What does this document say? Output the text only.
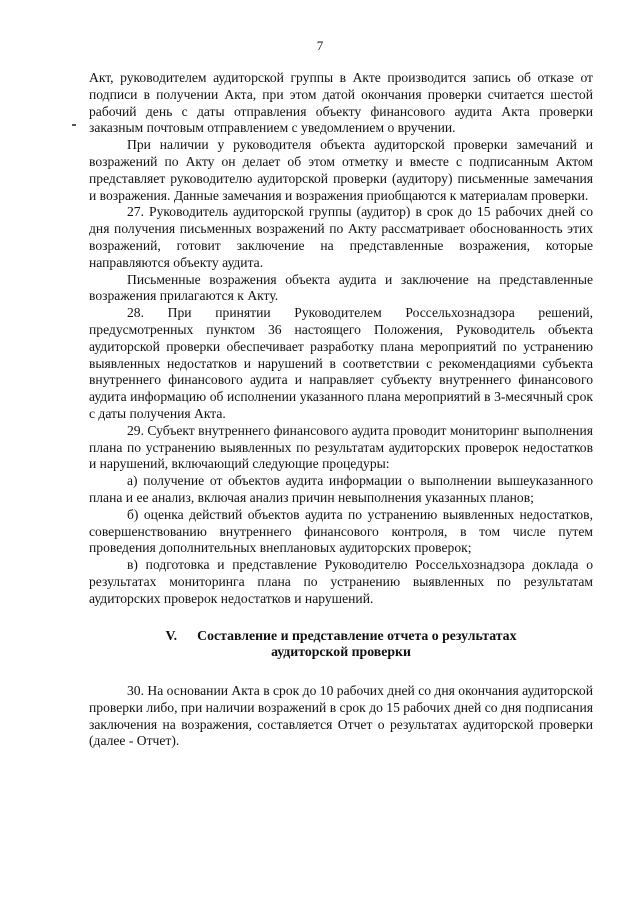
7

Акт, руководителем аудиторской группы в Акте производится запись об отказе от подписи в получении Акта, при этом датой окончания проверки считается шестой рабочий день с даты отправления объекту финансового аудита Акта проверки заказным почтовым отправлением с уведомлением о вручении.

При наличии у руководителя объекта аудиторской проверки замечаний и возражений по Акту он делает об этом отметку и вместе с подписанным Актом представляет руководителю аудиторской проверки (аудитору) письменные замечания и возражения. Данные замечания и возражения приобщаются к материалам проверки.

27. Руководитель аудиторской группы (аудитор) в срок до 15 рабочих дней со дня получения письменных возражений по Акту рассматривает обоснованность этих возражений, готовит заключение на представленные возражения, которые направляются объекту аудита.

Письменные возражения объекта аудита и заключение на представленные возражения прилагаются к Акту.

28. При принятии Руководителем Россельхознадзора решений, предусмотренных пунктом 36 настоящего Положения, Руководитель объекта аудиторской проверки обеспечивает разработку плана мероприятий по устранению выявленных недостатков и нарушений в соответствии с рекомендациями субъекта внутреннего финансового аудита и направляет субъекту внутреннего финансового аудита информацию об исполнении указанного плана мероприятий в 3-месячный срок с даты получения Акта.

29. Субъект внутреннего финансового аудита проводит мониторинг выполнения плана по устранению выявленных по результатам аудиторских проверок недостатков и нарушений, включающий следующие процедуры:

а) получение от объектов аудита информации о выполнении вышеуказанного плана и ее анализ, включая анализ причин невыполнения указанных планов;

б) оценка действий объектов аудита по устранению выявленных недостатков, совершенствованию внутреннего финансового контроля, в том числе путем проведения дополнительных внеплановых аудиторских проверок;

в) подготовка и представление Руководителю Россельхознадзора доклада о результатах мониторинга плана по устранению выявленных по результатам аудиторских проверок недостатков и нарушений.

V. Составление и представление отчета о результатах
аудиторской проверки

30. На основании Акта в срок до 10 рабочих дней со дня окончания аудиторской проверки либо, при наличии возражений в срок до 15 рабочих дней со дня подписания заключения на возражения, составляется Отчет о результатах аудиторской проверки (далее - Отчет).
